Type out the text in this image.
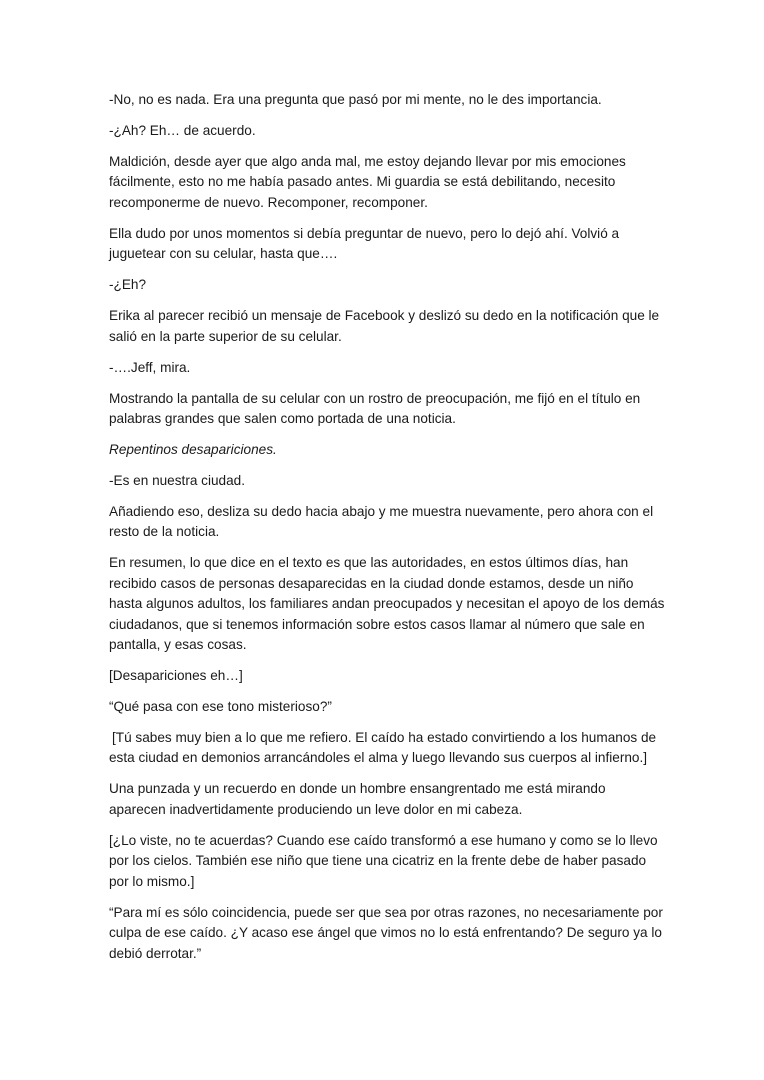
-No, no es nada. Era una pregunta que pasó por mi mente, no le des importancia.

-¿Ah? Eh… de acuerdo.

Maldición, desde ayer que algo anda mal, me estoy dejando llevar por mis emociones fácilmente, esto no me había pasado antes. Mi guardia se está debilitando, necesito recomponerme de nuevo. Recomponer, recomponer.

Ella dudo por unos momentos si debía preguntar de nuevo, pero lo dejó ahí. Volvió a juguetear con su celular, hasta que….

-¿Eh?

Erika al parecer recibió un mensaje de Facebook y deslizó su dedo en la notificación que le salió en la parte superior de su celular.

-….Jeff, mira.

Mostrando la pantalla de su celular con un rostro de preocupación, me fijó en el título en palabras grandes que salen como portada de una noticia.

Repentinos desapariciones.

-Es en nuestra ciudad.

Añadiendo eso, desliza su dedo hacia abajo y me muestra nuevamente, pero ahora con el resto de la noticia.

En resumen, lo que dice en el texto es que las autoridades, en estos últimos días, han recibido casos de personas desaparecidas en la ciudad donde estamos, desde un niño hasta algunos adultos, los familiares andan preocupados y necesitan el apoyo de los demás ciudadanos, que si tenemos información sobre estos casos llamar al número que sale en pantalla, y esas cosas.

[Desapariciones eh…]

“Qué pasa con ese tono misterioso?”

[Tú sabes muy bien a lo que me refiero. El caído ha estado convirtiendo a los humanos de esta ciudad en demonios arrancándoles el alma y luego llevando sus cuerpos al infierno.]

Una punzada y un recuerdo en donde un hombre ensangrentado me está mirando aparecen inadvertidamente produciendo un leve dolor en mi cabeza.

[¿Lo viste, no te acuerdas? Cuando ese caído transformó a ese humano y como se lo llevo por los cielos. También ese niño que tiene una cicatriz en la frente debe de haber pasado por lo mismo.]

“Para mí es sólo coincidencia, puede ser que sea por otras razones, no necesariamente por culpa de ese caído. ¿Y acaso ese ángel que vimos no lo está enfrentando? De seguro ya lo debió derrotar.”
